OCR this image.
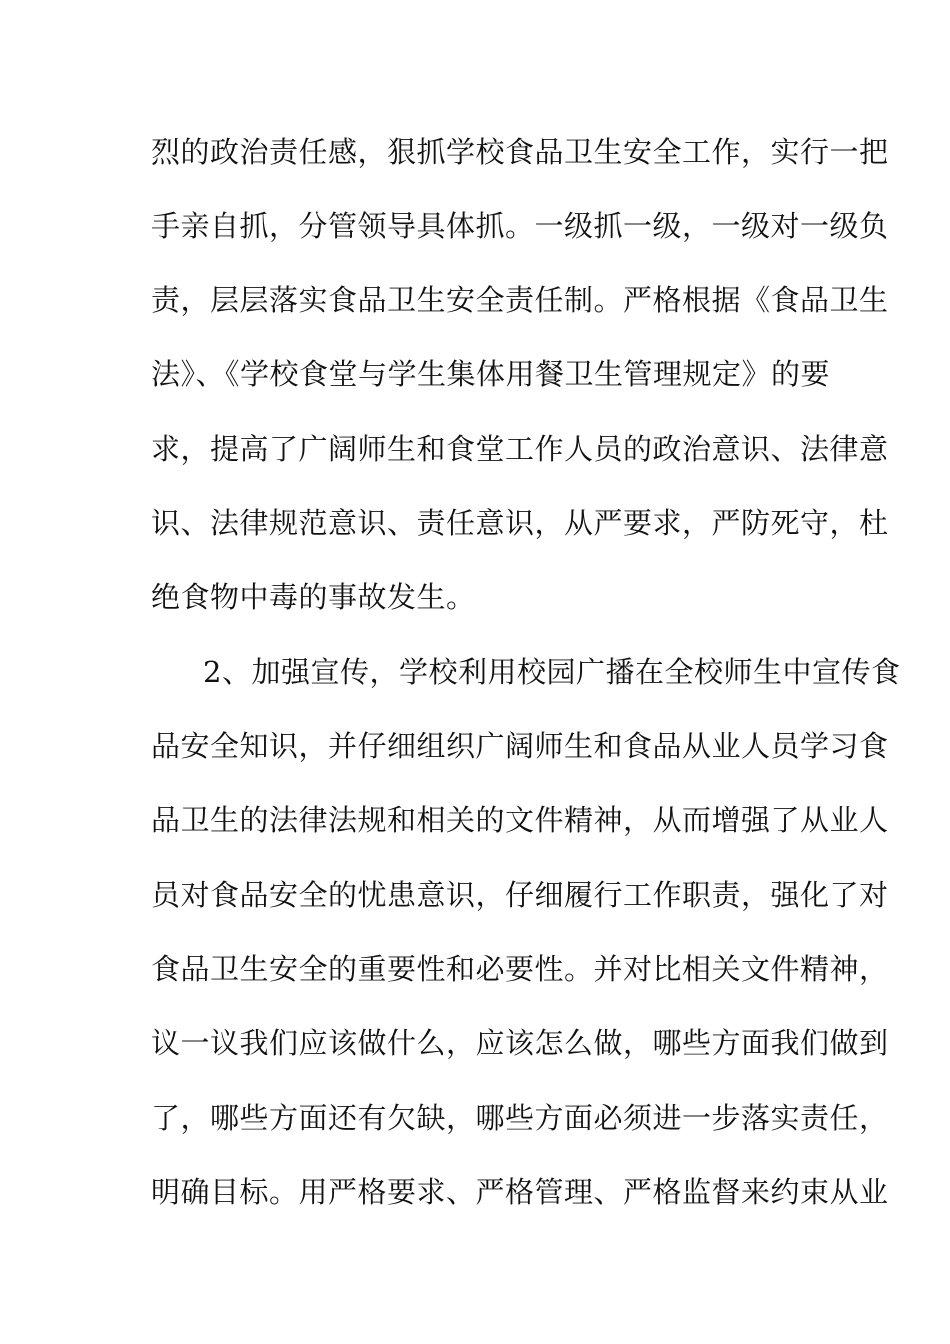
烈的政治责任感，狠抓学校食品卫生安全工作，实行一把
手亲自抓，分管领导具体抓。一级抓一级，一级对一级负
责，层层落实食品卫生安全责任制。严格根据《食品卫生
法》、《学校食堂与学生集体用餐卫生管理规定》的要
求，提高了广阔师生和食堂工作人员的政治意识、法律意
识、法律规范意识、责任意识，从严要求，严防死守，杜
绝食物中毒的事故发生。
2、加强宣传，学校利用校园广播在全校师生中宣传食
品安全知识，并仔细组织广阔师生和食品从业人员学习食
品卫生的法律法规和相关的文件精神，从而增强了从业人
员对食品安全的忧患意识，仔细履行工作职责，强化了对
食品卫生安全的重要性和必要性。并对比相关文件精神，
议一议我们应该做什么，应该怎么做，哪些方面我们做到
了，哪些方面还有欠缺，哪些方面必须进一步落实责任，
明确目标。用严格要求、严格管理、严格监督来约束从业
